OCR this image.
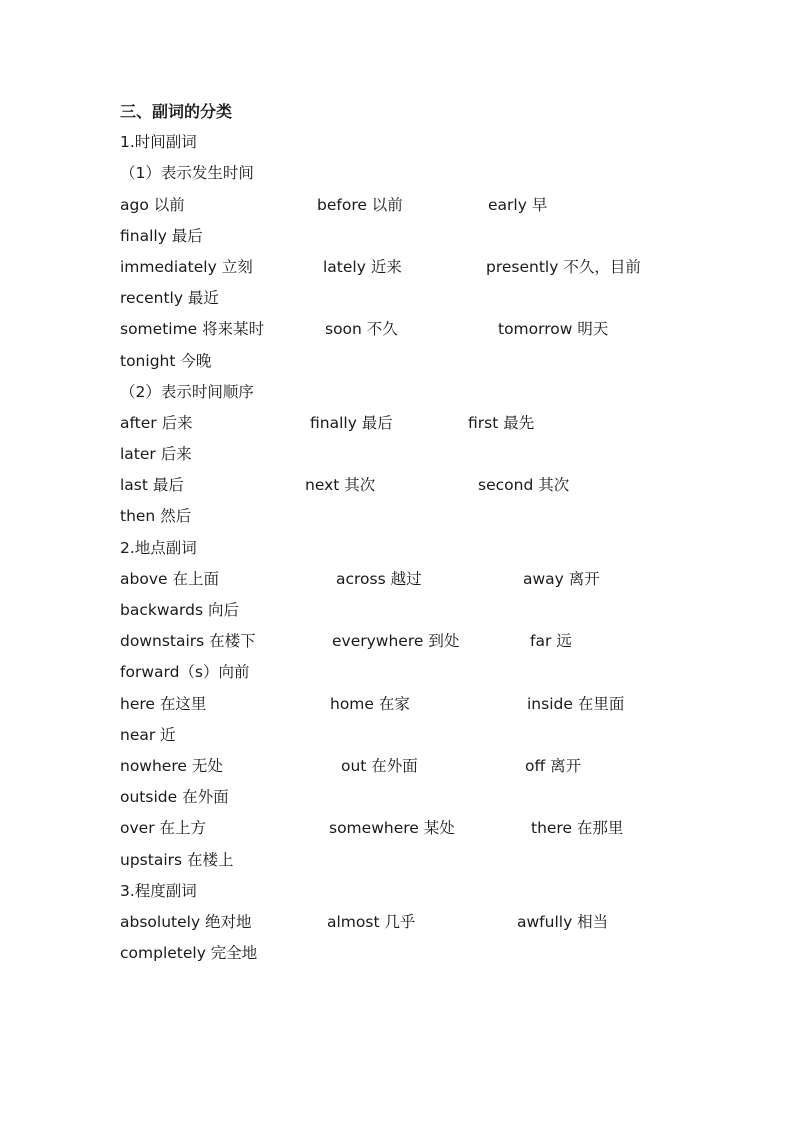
三、副词的分类
1.时间副词
（1）表示发生时间
ago 以前	before 以前	early 早
finally 最后
immediately 立刻	lately 近来	presently 不久，目前
recently 最近
sometime 将来某时	soon 不久	tomorrow 明天
tonight 今晚
（2）表示时间顺序
after 后来	finally 最后	first 最先
later 后来
last 最后	next 其次	second 其次
then 然后
2.地点副词
above 在上面	across 越过	away 离开
backwards 向后
downstairs 在楼下	everywhere 到处	far 远
forward（s）向前
here 在这里	home 在家	inside 在里面
near 近
nowhere 无处	out 在外面	off 离开
outside 在外面
over 在上方	somewhere 某处	there 在那里
upstairs 在楼上
3.程度副词
absolutely 绝对地	almost 几乎	awfully 相当
completely 完全地
